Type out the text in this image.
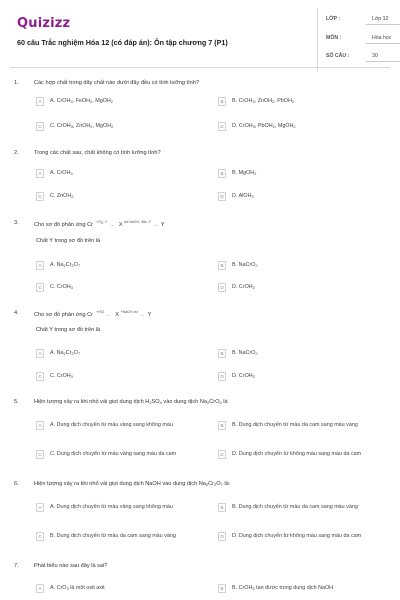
Quizizz
60 câu Trắc nghiệm Hóa 12 (có đáp án): Ôn tập chương 7 (P1)
LỚP :	Lớp 12
MÔN :	Hóa học
SỐ CÂU :	30
1.	Các hợp chất trong dãy chất nào dưới đây đều có tính lưỡng tính?
A	A. CrOH$_3$, FeOH$_2$, MgOH$_2$	B	B. CrOH$_3$, ZnOH$_2$, PbOH$_2$
C	C. CrOH$_3$, ZnOH$_2$, MgOH$_2$	D	D. CrOH$_3$, PbOH$_2$, MgOH$_2$
2.	Trong các chất sau, chất không có tính lưỡng tính?
A	A. CrOH$_3$	B	B. MgOH$_2$
C	C. ZnOH$_2$	D	D. AlOH$_3$
3.	Cho sơ đồ phản ứng Cr  $^{+O_2, t^\circ}$ →   X $^{dd NaOH, đặc, t^\circ}$ →  Y
Chất Y trong sơ đồ trên là
A	A. $Na_2Cr_2O_7$	B	B. NaCrO$_2$
C	C. CrOH$_3$	D	D. CrOH$_2$
4.	Cho sơ đồ phản ứng Cr  $^{+HCl}$ →   X $^{+NaOH dư}$ →  Y
Chất Y trong sơ đồ trên là
A	A. $Na_2Cr_2O_7$	B	B. NaCrO$_2$
C	C. CrOH$_3$	D	D. CrOH$_2$
5.	Hiện tượng xảy ra khi nhỏ vài giọt dung dịch $H_2SO_4$ vào dung dịch $Na_2CrO_4$ là
A	A. Dung dịch chuyển từ màu vàng sang không màu	B	B. Dung dịch chuyển từ màu da cam sang màu vàng
C	C. Dung dịch chuyển từ màu vàng sang màu da cam	D	D. Dung dịch chuyển từ không màu sang màu da cam
6.	Hiện tượng xảy ra khi nhỏ vài giọt dung dịch NaOH vào dung dịch $Na_2Cr_2O_7$ là:
A	A. Dung dịch chuyển từ màu vàng sang không màu	B	B. Dung dịch chuyển từ màu da cam sang màu vàng
C	B. Dung dịch chuyển từ màu da cam sang màu vàng	D	D. Dung dịch chuyển từ không màu sang màu da cam
7.	Phát biểu nào sau đây là sai?
A	A. CrO$_3$ là một oxit axit	B	B. CrOH$_3$ tan được trong dung dịch NaOH
